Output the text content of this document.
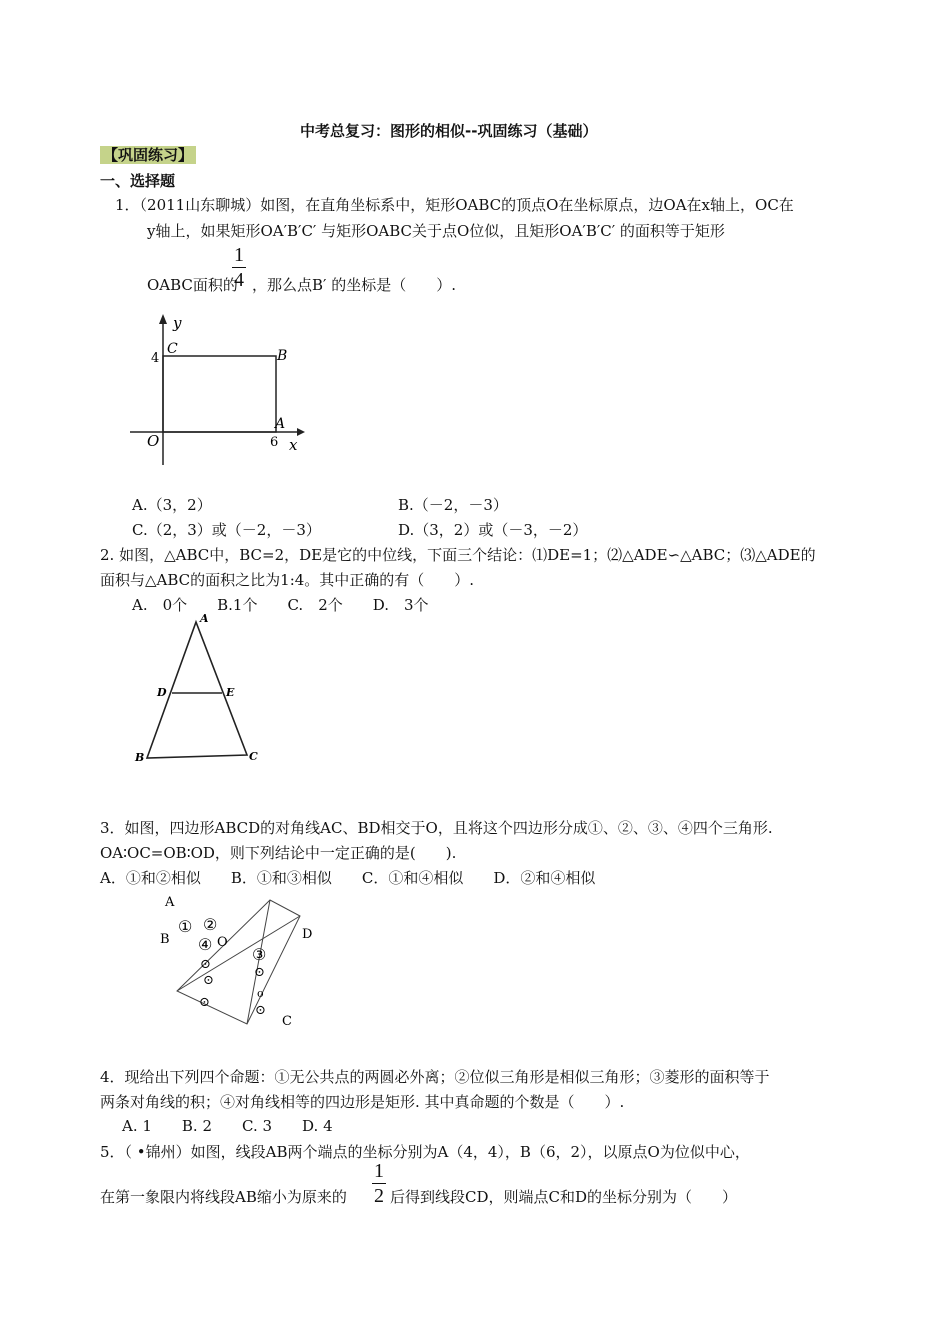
中考总复习：图形的相似--巩固练习（基础）
【巩固练习】
一、选择题
1．（2011山东聊城）如图，在直角坐标系中，矩形OABC的顶点O在坐标原点，边OA在x轴上，OC在
y轴上，如果矩形OA′B′C′ 与矩形OABC关于点O位似，且矩形OA′B′C′ 的面积等于矩形
OABC面积的
1
4 ，那么点B′ 的坐标是（　　）.
y
x
O
A
B
C
4
6
A.（3，2）	B.（－2，－3）
C.（2，3）或（－2，－3）	D.（3，2）或（－3，－2）
2. 如图，△ABC中，BC=2，DE是它的中位线，下面三个结论：⑴DE=1；⑵△ADE∽△ABC；⑶△ADE的
面积与△ABC的面积之比为1:4。其中正确的有（　　）.
A.　0个　　B.1个　　C.　2个　　D.　3个
A
B	C
D	E
3．如图，四边形ABCD的对角线AC、BD相交于O，且将这个四边形分成①、②、③、④四个三角形.
OA∶OC=OB∶OD，则下列结论中一定正确的是(　　).
A．①和②相似　　B．①和③相似　　C．①和④相似　　D．②和④相似
A
B
C
D
① ②
④ O
③
⊙
⊙
⊙
⊙
⊙
o
4．现给出下列四个命题：①无公共点的两圆必外离；②位似三角形是相似三角形；③菱形的面积等于
两条对角线的积；④对角线相等的四边形是矩形. 其中真命题的个数是（　　）.
A. 1　　B. 2　　C. 3　　D. 4
5．（ •锦州）如图，线段AB两个端点的坐标分别为A（4，4），B（6，2），以原点O为位似中心，
在第一象限内将线段AB缩小为原来的
1
2 后得到线段CD，则端点C和D的坐标分别为（　　）
